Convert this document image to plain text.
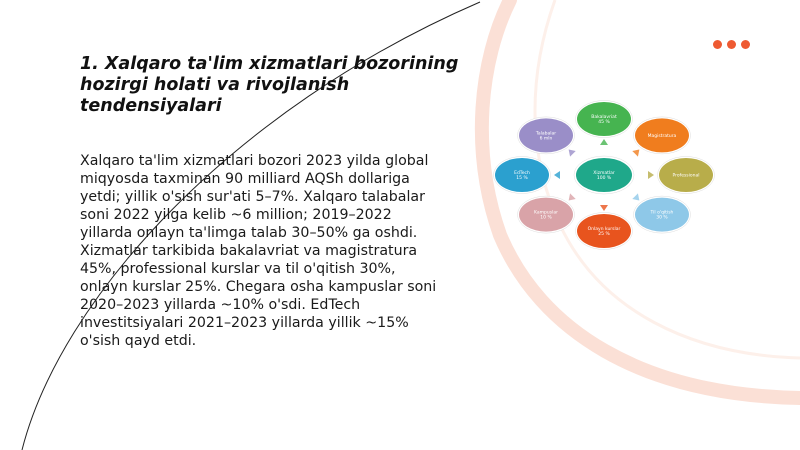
1. Xalqaro ta'lim xizmatlari bozorining hozirgi holati va rivojlanish tendensiyalari

Xalqaro ta'lim xizmatlari bozori 2023 yilda global miqyosda taxminan 90 milliard AQSh dollariga yetdi; yillik o'sish sur'ati 5–7%. Xalqaro talabalar soni 2022 yilga kelib ~6 million; 2019–2022 yillarda onlayn ta'limga talab 30–50% ga oshdi. Xizmatlar tarkibida bakalavriat va magistratura 45%, professional kurslar va til o'qitish 30%, onlayn kurslar 25%. Chegara osha kampuslar soni 2020–2023 yillarda ~10% o'sdi. EdTech investitsiyalari 2021–2023 yillarda yillik ~15% o'sish qayd etdi.

Bakalavriat 45 %
Magistratura
Professional
Til o'qitish 30 %
Onlayn kurslar 25 %
Kampuslar 10 %
EdTech 15 %
Talabalar 6 mln
Xizmatlar 100 %
